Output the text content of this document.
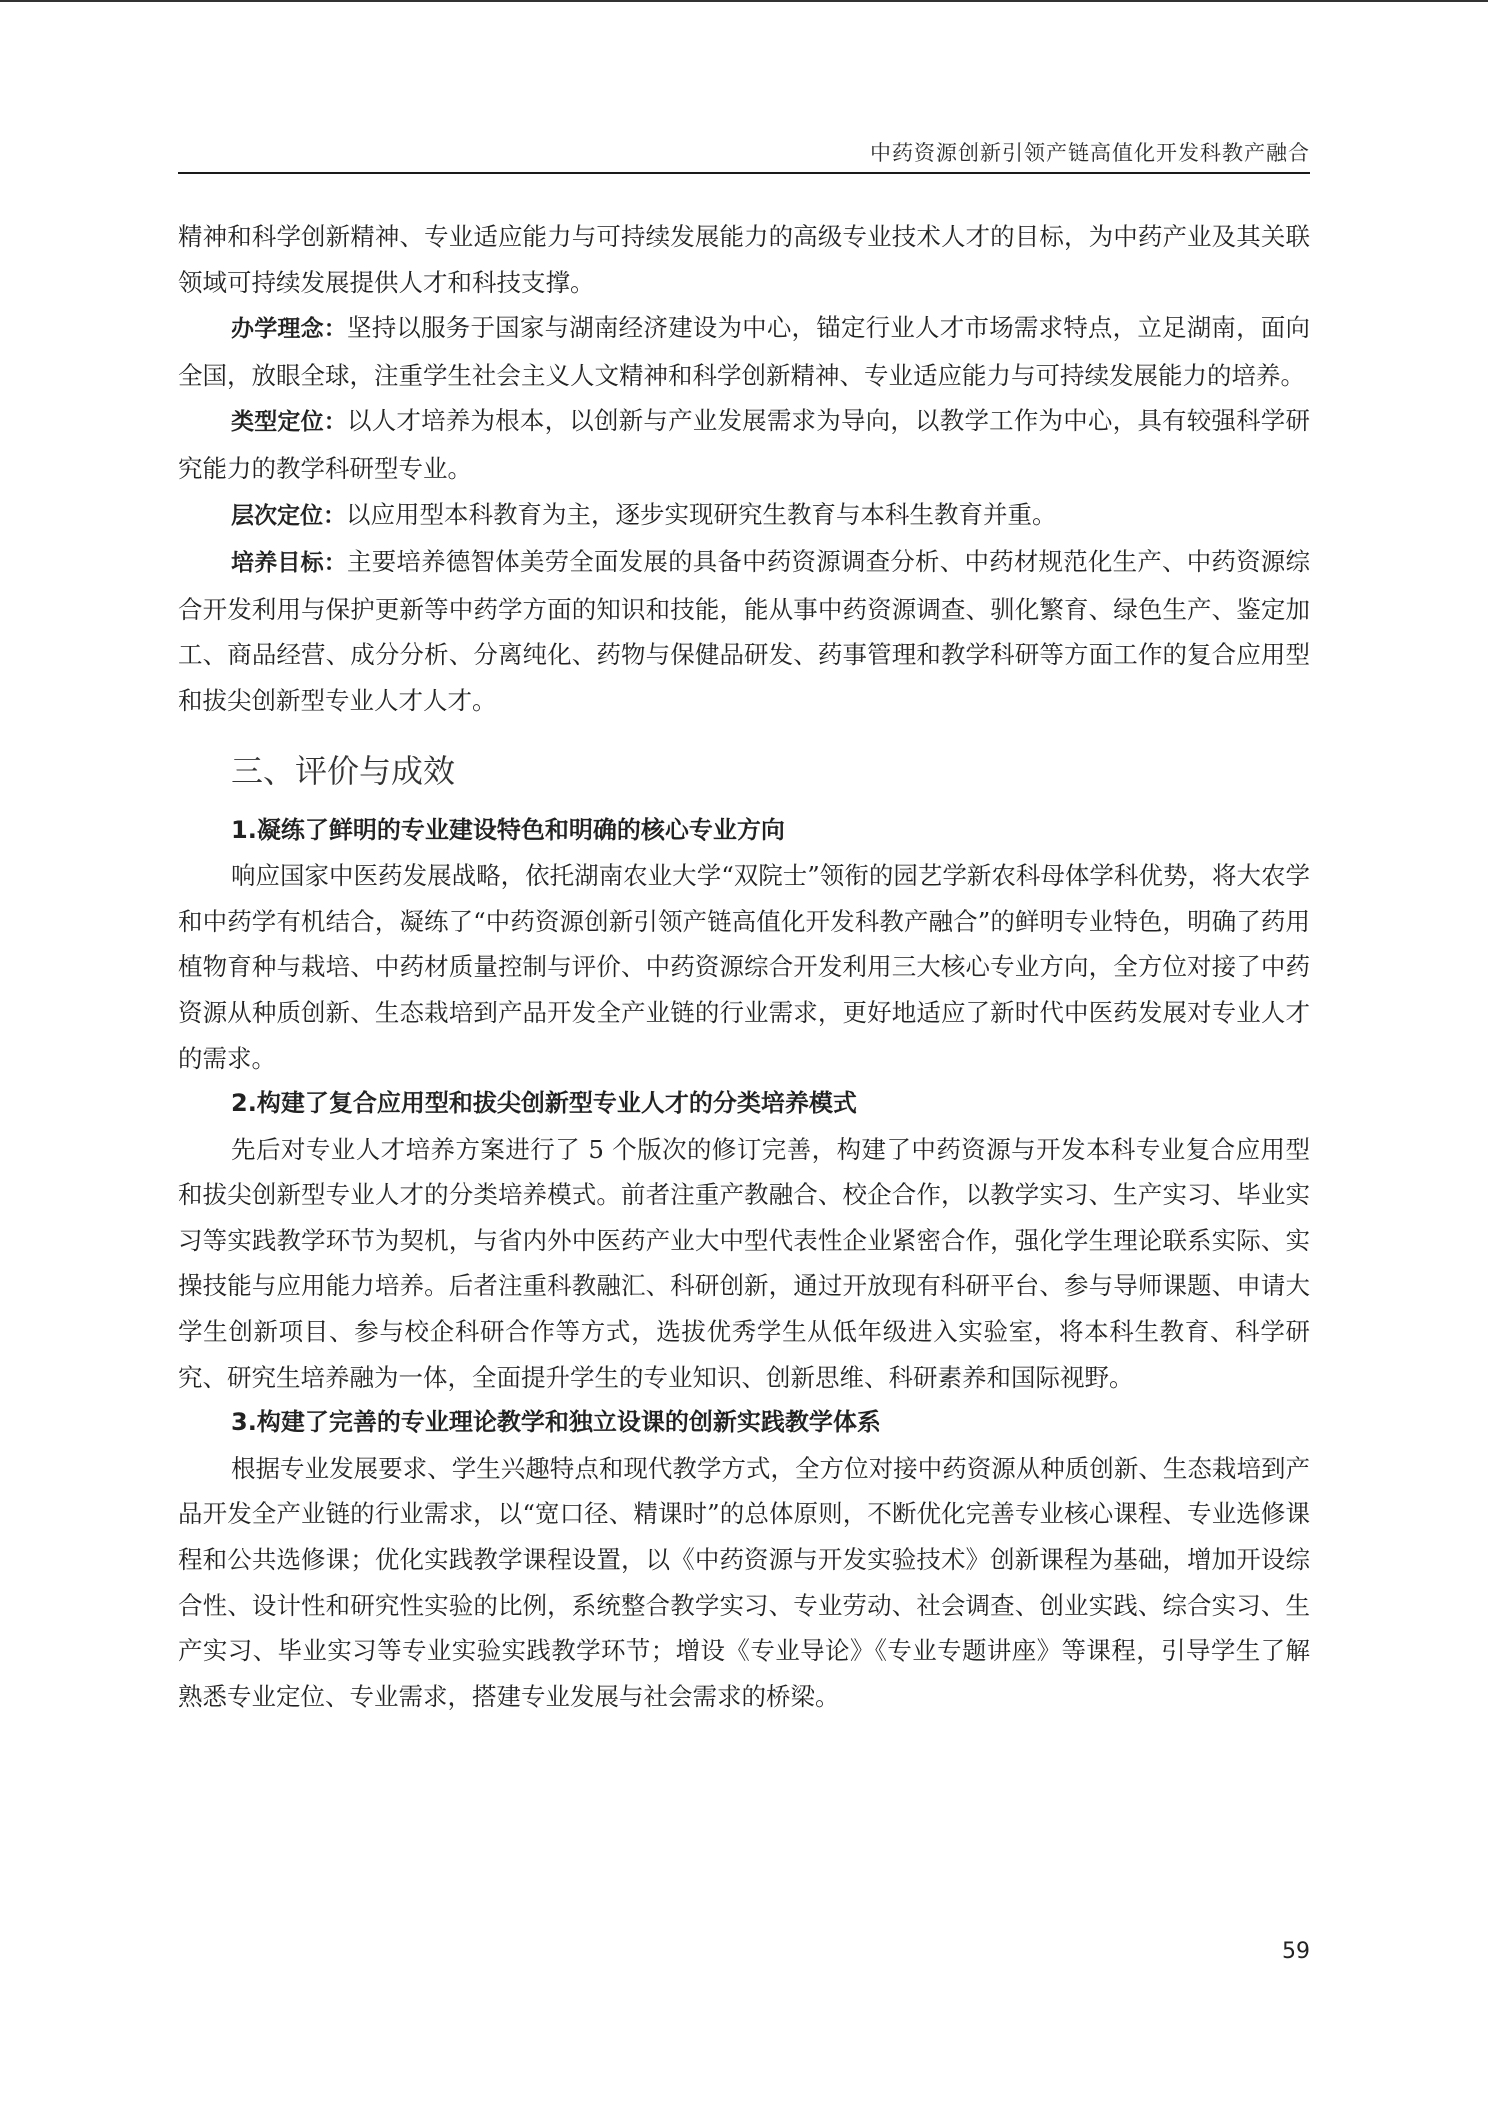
中药资源创新引领产链高值化开发科教产融合

精神和科学创新精神、专业适应能力与可持续发展能力的高级专业技术人才的目标，为中药产业及其关联领域可持续发展提供人才和科技支撑。

办学理念：坚持以服务于国家与湖南经济建设为中心，锚定行业人才市场需求特点，立足湖南，面向全国，放眼全球，注重学生社会主义人文精神和科学创新精神、专业适应能力与可持续发展能力的培养。

类型定位：以人才培养为根本，以创新与产业发展需求为导向，以教学工作为中心，具有较强科学研究能力的教学科研型专业。

层次定位：以应用型本科教育为主，逐步实现研究生教育与本科生教育并重。

培养目标：主要培养德智体美劳全面发展的具备中药资源调查分析、中药材规范化生产、中药资源综合开发利用与保护更新等中药学方面的知识和技能，能从事中药资源调查、驯化繁育、绿色生产、鉴定加工、商品经营、成分分析、分离纯化、药物与保健品研发、药事管理和教学科研等方面工作的复合应用型和拔尖创新型专业人才人才。

三、评价与成效
1.凝练了鲜明的专业建设特色和明确的核心专业方向

响应国家中医药发展战略，依托湖南农业大学“双院士”领衔的园艺学新农科母体学科优势，将大农学和中药学有机结合，凝练了“中药资源创新引领产链高值化开发科教产融合”的鲜明专业特色，明确了药用植物育种与栽培、中药材质量控制与评价、中药资源综合开发利用三大核心专业方向，全方位对接了中药资源从种质创新、生态栽培到产品开发全产业链的行业需求，更好地适应了新时代中医药发展对专业人才的需求。

2.构建了复合应用型和拔尖创新型专业人才的分类培养模式

先后对专业人才培养方案进行了 5 个版次的修订完善，构建了中药资源与开发本科专业复合应用型和拔尖创新型专业人才的分类培养模式。前者注重产教融合、校企合作，以教学实习、生产实习、毕业实习等实践教学环节为契机，与省内外中医药产业大中型代表性企业紧密合作，强化学生理论联系实际、实操技能与应用能力培养。后者注重科教融汇、科研创新，通过开放现有科研平台、参与导师课题、申请大学生创新项目、参与校企科研合作等方式，选拔优秀学生从低年级进入实验室，将本科生教育、科学研究、研究生培养融为一体，全面提升学生的专业知识、创新思维、科研素养和国际视野。

3.构建了完善的专业理论教学和独立设课的创新实践教学体系

根据专业发展要求、学生兴趣特点和现代教学方式，全方位对接中药资源从种质创新、生态栽培到产品开发全产业链的行业需求，以“宽口径、精课时”的总体原则，不断优化完善专业核心课程、专业选修课程和公共选修课；优化实践教学课程设置，以《中药资源与开发实验技术》创新课程为基础，增加开设综合性、设计性和研究性实验的比例，系统整合教学实习、专业劳动、社会调查、创业实践、综合实习、生产实习、毕业实习等专业实验实践教学环节；增设《专业导论》《专业专题讲座》等课程，引导学生了解熟悉专业定位、专业需求，搭建专业发展与社会需求的桥梁。

59
